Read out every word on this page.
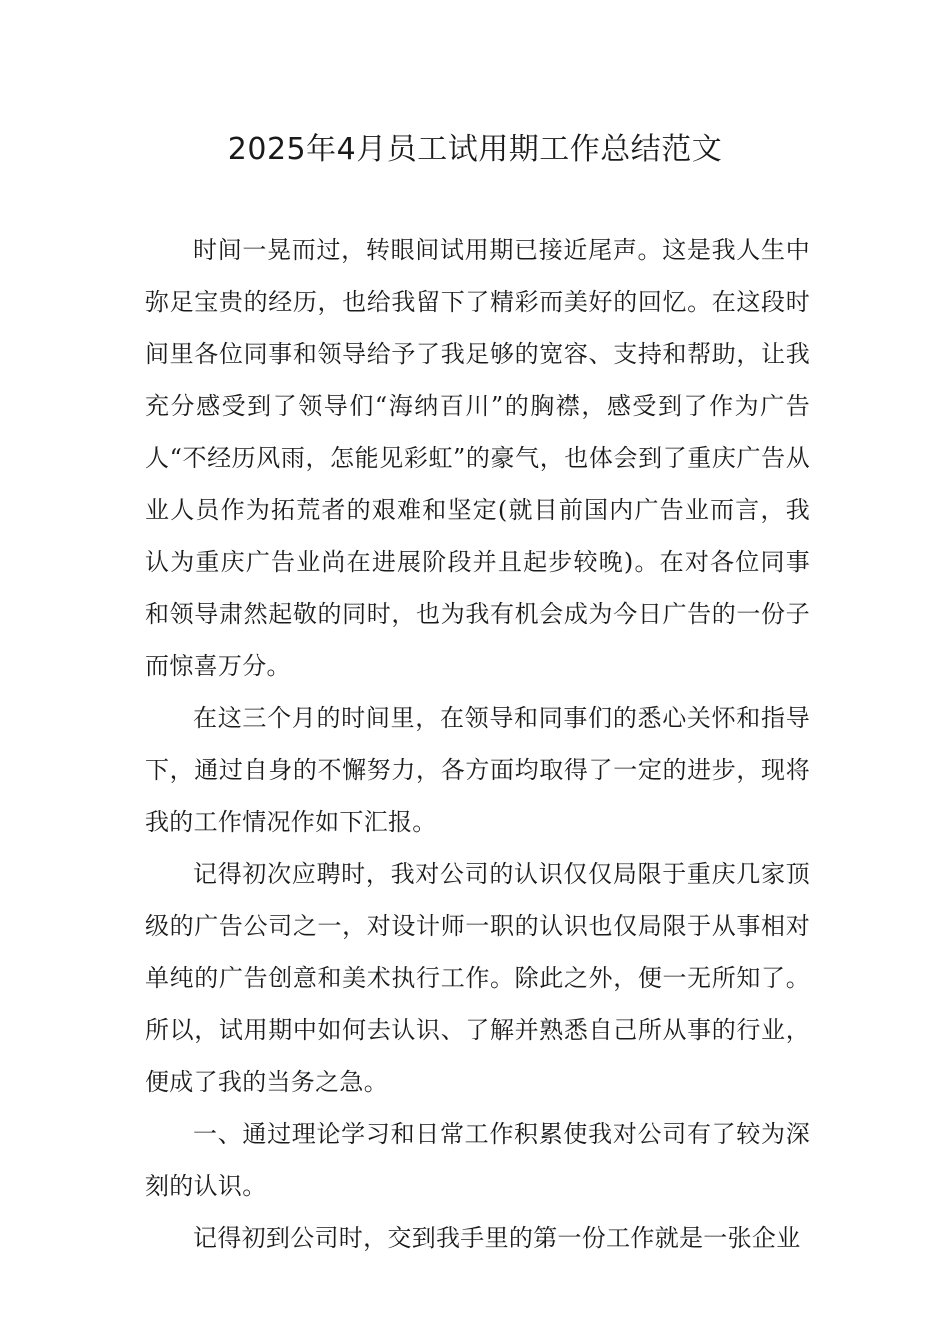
2025年4月员工试用期工作总结范文

时间一晃而过，转眼间试用期已接近尾声。这是我人生中弥足宝贵的经历，也给我留下了精彩而美好的回忆。在这段时间里各位同事和领导给予了我足够的宽容、支持和帮助，让我充分感受到了领导们“海纳百川”的胸襟，感受到了作为广告人“不经历风雨，怎能见彩虹”的豪气，也体会到了重庆广告从业人员作为拓荒者的艰难和坚定(就目前国内广告业而言，我认为重庆广告业尚在进展阶段并且起步较晚)。在对各位同事和领导肃然起敬的同时，也为我有机会成为今日广告的一份子而惊喜万分。

在这三个月的时间里，在领导和同事们的悉心关怀和指导下，通过自身的不懈努力，各方面均取得了一定的进步，现将我的工作情况作如下汇报。

记得初次应聘时，我对公司的认识仅仅局限于重庆几家顶级的广告公司之一，对设计师一职的认识也仅局限于从事相对单纯的广告创意和美术执行工作。除此之外，便一无所知了。所以，试用期中如何去认识、了解并熟悉自己所从事的行业，便成了我的当务之急。

一、通过理论学习和日常工作积累使我对公司有了较为深刻的认识。

记得初到公司时，交到我手里的第一份工作就是一张企业
